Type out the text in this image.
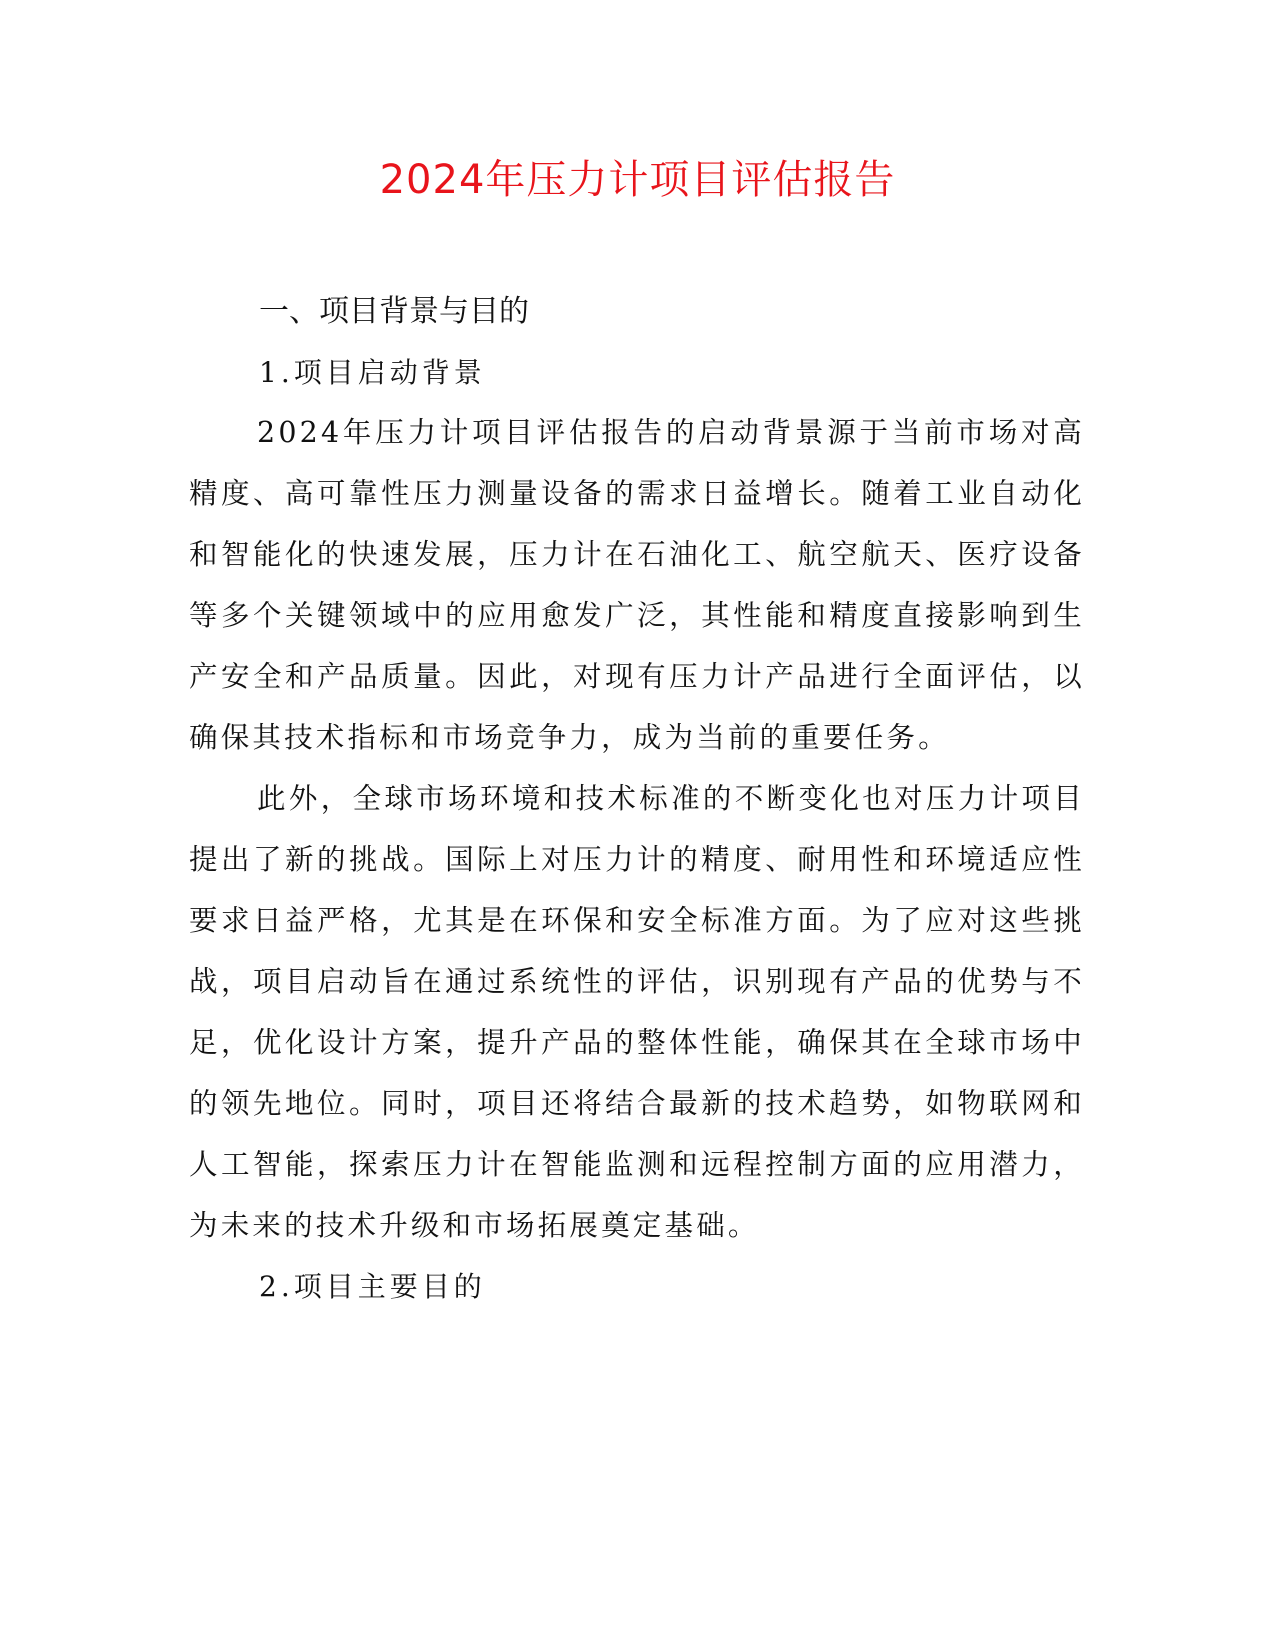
2024年压力计项目评估报告
一、项目背景与目的
1.项目启动背景

2024年压力计项目评估报告的启动背景源于当前市场对高精度、高可靠性压力测量设备的需求日益增长。随着工业自动化和智能化的快速发展，压力计在石油化工、航空航天、医疗设备等多个关键领域中的应用愈发广泛，其性能和精度直接影响到生产安全和产品质量。因此，对现有压力计产品进行全面评估，以确保其技术指标和市场竞争力，成为当前的重要任务。

此外，全球市场环境和技术标准的不断变化也对压力计项目提出了新的挑战。国际上对压力计的精度、耐用性和环境适应性要求日益严格，尤其是在环保和安全标准方面。为了应对这些挑战，项目启动旨在通过系统性的评估，识别现有产品的优势与不足，优化设计方案，提升产品的整体性能，确保其在全球市场中的领先地位。同时，项目还将结合最新的技术趋势，如物联网和人工智能，探索压力计在智能监测和远程控制方面的应用潜力，为未来的技术升级和市场拓展奠定基础。

2.项目主要目的
